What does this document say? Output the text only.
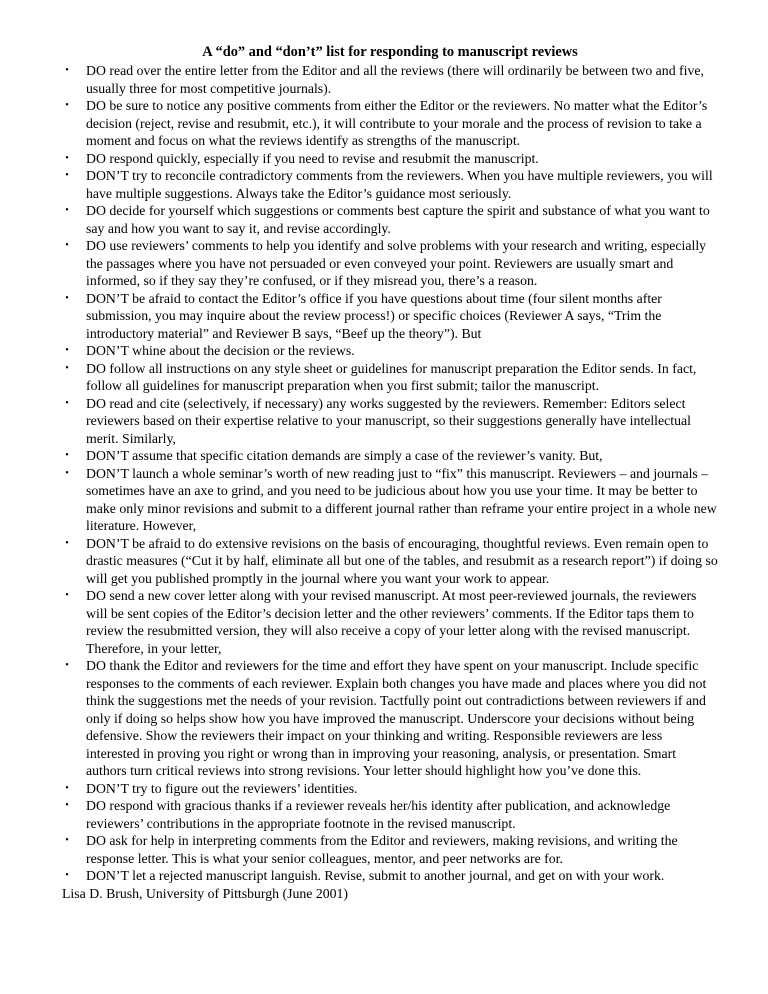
A “do” and “don’t” list for responding to manuscript reviews
• DO read over the entire letter from the Editor and all the reviews (there will ordinarily be between two and five, usually three for most competitive journals).
• DO be sure to notice any positive comments from either the Editor or the reviewers. No matter what the Editor’s decision (reject, revise and resubmit, etc.), it will contribute to your morale and the process of revision to take a moment and focus on what the reviews identify as strengths of the manuscript.
• DO respond quickly, especially if you need to revise and resubmit the manuscript.
• DON’T try to reconcile contradictory comments from the reviewers. When you have multiple reviewers, you will have multiple suggestions. Always take the Editor’s guidance most seriously.
• DO decide for yourself which suggestions or comments best capture the spirit and substance of what you want to say and how you want to say it, and revise accordingly.
• DO use reviewers’ comments to help you identify and solve problems with your research and writing, especially the passages where you have not persuaded or even conveyed your point. Reviewers are usually smart and informed, so if they say they’re confused, or if they misread you, there’s a reason.
• DON’T be afraid to contact the Editor’s office if you have questions about time (four silent months after submission, you may inquire about the review process!) or specific choices (Reviewer A says, “Trim the introductory material” and Reviewer B says, “Beef up the theory”). But
• DON’T whine about the decision or the reviews.
• DO follow all instructions on any style sheet or guidelines for manuscript preparation the Editor sends. In fact, follow all guidelines for manuscript preparation when you first submit; tailor the manuscript.
• DO read and cite (selectively, if necessary) any works suggested by the reviewers. Remember: Editors select reviewers based on their expertise relative to your manuscript, so their suggestions generally have intellectual merit. Similarly,
• DON’T assume that specific citation demands are simply a case of the reviewer’s vanity. But,
• DON’T launch a whole seminar’s worth of new reading just to “fix” this manuscript. Reviewers – and journals – sometimes have an axe to grind, and you need to be judicious about how you use your time. It may be better to make only minor revisions and submit to a different journal rather than reframe your entire project in a whole new literature. However,
• DON’T be afraid to do extensive revisions on the basis of encouraging, thoughtful reviews. Even remain open to drastic measures (“Cut it by half, eliminate all but one of the tables, and resubmit as a research report”) if doing so will get you published promptly in the journal where you want your work to appear.
• DO send a new cover letter along with your revised manuscript. At most peer-reviewed journals, the reviewers will be sent copies of the Editor’s decision letter and the other reviewers’ comments. If the Editor taps them to review the resubmitted version, they will also receive a copy of your letter along with the revised manuscript. Therefore, in your letter,
• DO thank the Editor and reviewers for the time and effort they have spent on your manuscript. Include specific responses to the comments of each reviewer. Explain both changes you have made and places where you did not think the suggestions met the needs of your revision. Tactfully point out contradictions between reviewers if and only if doing so helps show how you have improved the manuscript. Underscore your decisions without being defensive. Show the reviewers their impact on your thinking and writing. Responsible reviewers are less interested in proving you right or wrong than in improving your reasoning, analysis, or presentation. Smart authors turn critical reviews into strong revisions. Your letter should highlight how you’ve done this.
• DON’T try to figure out the reviewers’ identities.
• DO respond with gracious thanks if a reviewer reveals her/his identity after publication, and acknowledge reviewers’ contributions in the appropriate footnote in the revised manuscript.
• DO ask for help in interpreting comments from the Editor and reviewers, making revisions, and writing the response letter. This is what your senior colleagues, mentor, and peer networks are for.
• DON’T let a rejected manuscript languish. Revise, submit to another journal, and get on with your work.

Lisa D. Brush, University of Pittsburgh (June 2001)
